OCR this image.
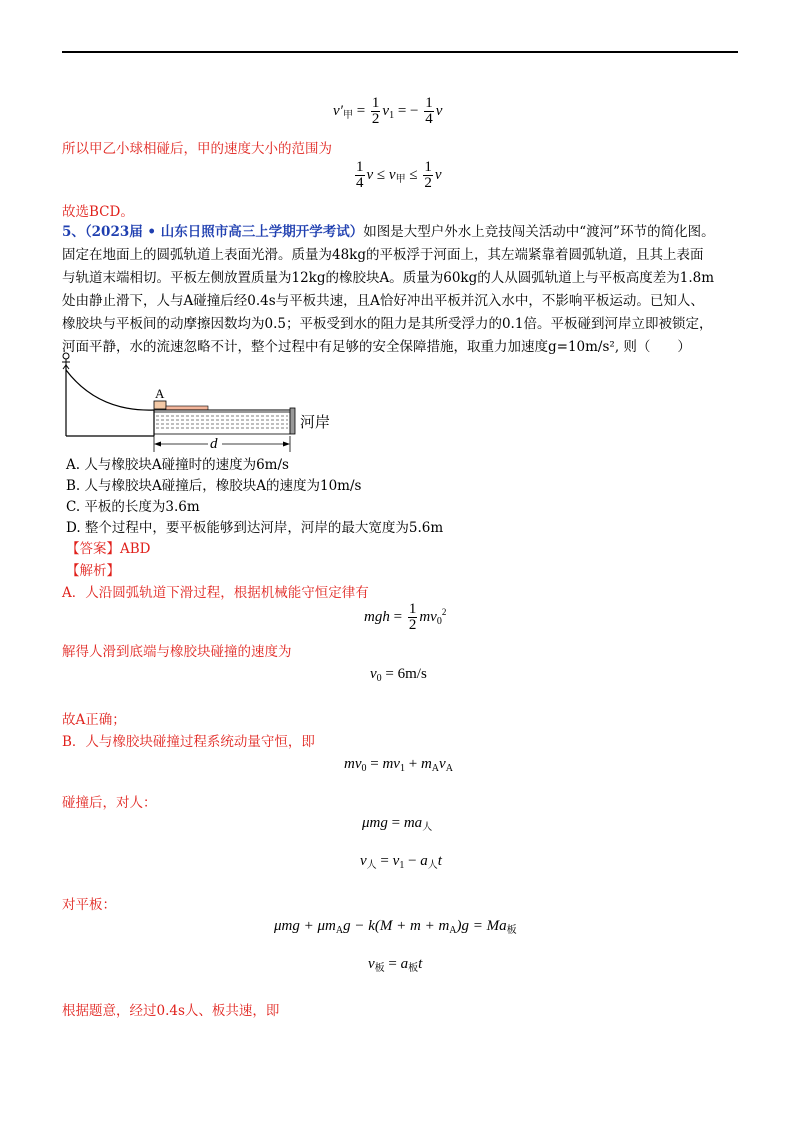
$v'_甲 = \frac{1}{2} v_1$ = − $\frac{1}{4}$ v
所以甲乙小球相碰后，甲的速度大小的范围为
$\frac{1}{4}$ $v \le v_甲 \le \frac{1}{2}$ v
故选BCD。
5、（2023届 • 山东日照市高三上学期开学考试）如图是大型户外水上竞技闯关活动中“渡河”环节的简化图。
固定在地面上的圆弧轨道上表面光滑。质量为48kg的平板浮于河面上，其左端紧靠着圆弧轨道，且其上表面
与轨道末端相切。平板左侧放置质量为12kg的橡胶块A。质量为60kg的人从圆弧轨道上与平板高度差为1.8m
处由静止滑下，人与A碰撞后经0.4s与平板共速，且A恰好冲出平板并沉入水中，不影响平板运动。已知人、
橡胶块与平板间的动摩擦因数均为0.5；平板受到水的阻力是其所受浮力的0.1倍。平板碰到河岸立即被锁定，
河面平静，水的流速忽略不计，整个过程中有足够的安全保障措施，取重力加速度g=10m/s², 则（　　）
A
河岸
d
A. 人与橡胶块A碰撞时的速度为6m/s
B. 人与橡胶块A碰撞后，橡胶块A的速度为10m/s
C. 平板的长度为3.6m
D. 整个过程中，要平板能够到达河岸，河岸的最大宽度为5.6m
【答案】ABD
【解析】
A．人沿圆弧轨道下滑过程，根据机械能守恒定律有
mgh = $\frac{1}{2} mv_0^2$
解得人滑到底端与橡胶块碰撞的速度为
$v_0 = 6m/s$
故A正确；
B．人与橡胶块碰撞过程系统动量守恒，即
$mv_0 = mv_1 + m_Av_A$
碰撞后，对人：
$\mu mg = ma_人$
$v_人 = v_1 - a_人t$
对平板：
$\mu mg + \mu m_Ag - k(M + m + m_A)g = Ma_板$
$v_板 = a_板t$
根据题意，经过0.4s人、板共速，即
